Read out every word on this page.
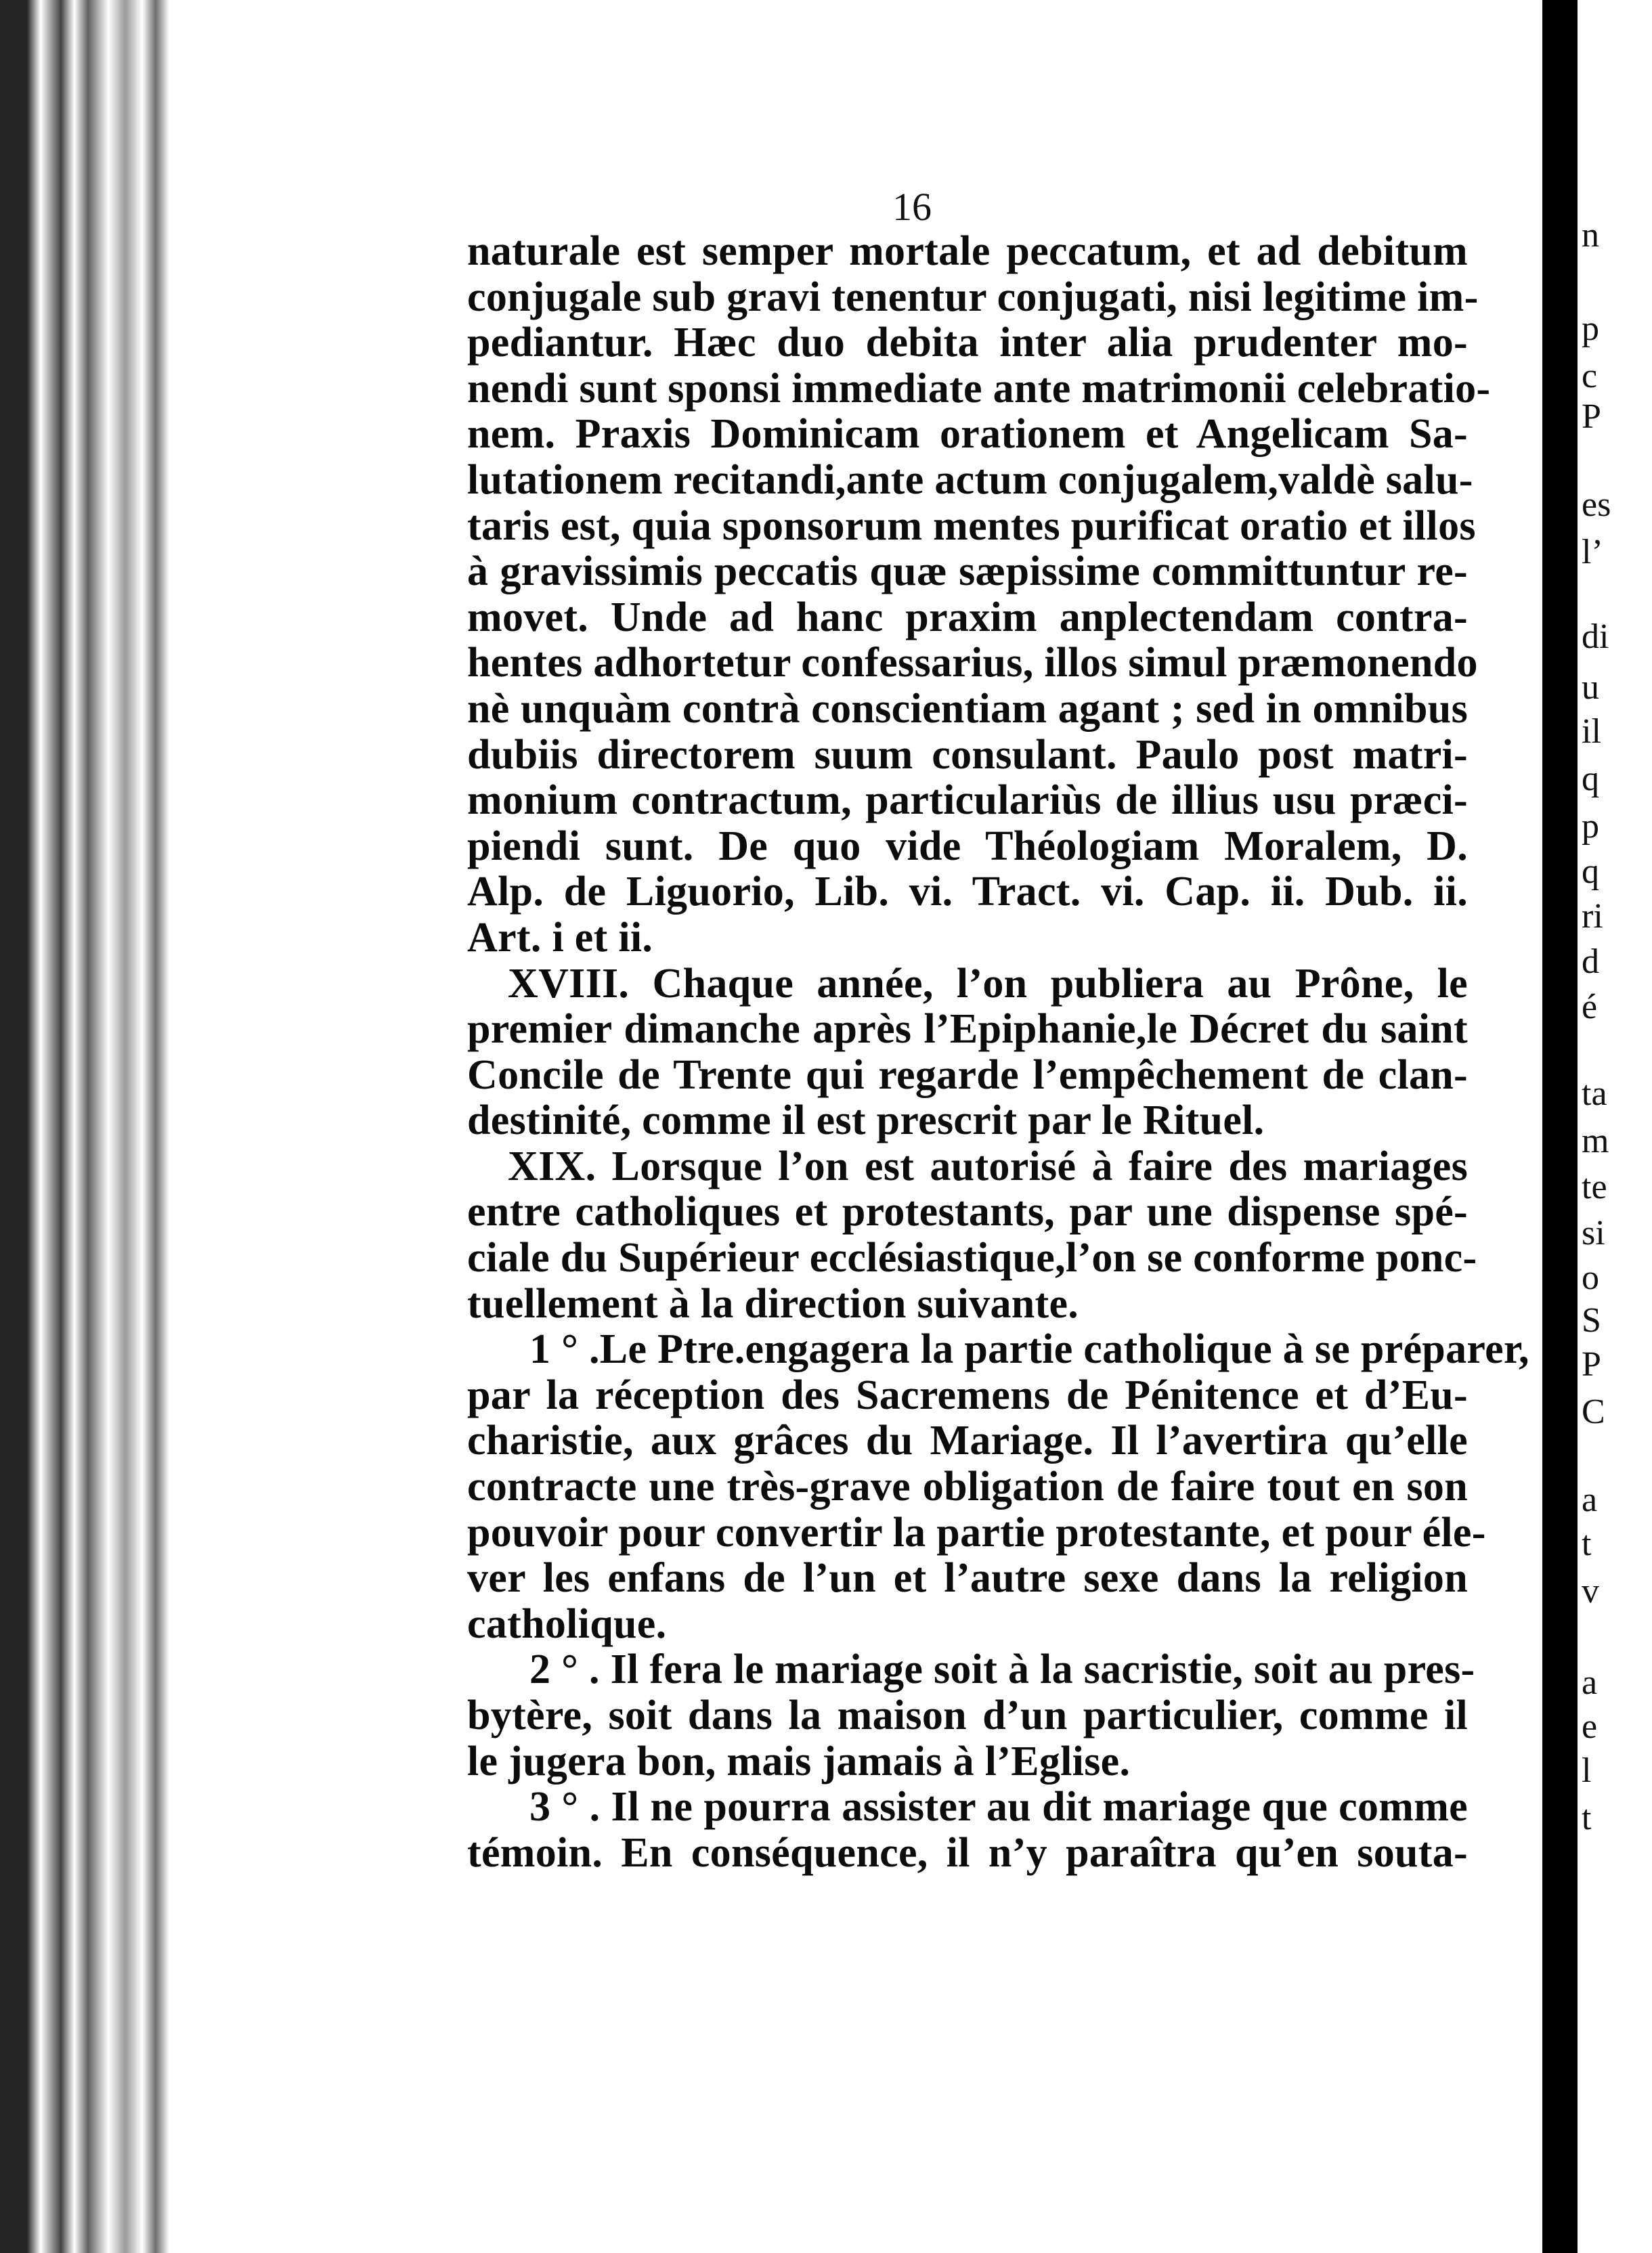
n
p
c
P
es
l’
di
u
il
q
p
q
ri
d
é
ta
m
te
si
o
S
P
C
a
t
v
a
e
l
t
16
naturale est semper mortale peccatum, et ad debitum
conjugale sub gravi tenentur conjugati, nisi legitime im-
pediantur. Hæc duo debita inter alia prudenter mo-
nendi sunt sponsi immediate ante matrimonii celebratio-
nem. Praxis Dominicam orationem et Angelicam Sa-
lutationem recitandi,ante actum conjugalem,valdè salu-
taris est, quia sponsorum mentes purificat oratio et illos
à gravissimis peccatis quæ sæpissime committuntur re-
movet. Unde ad hanc praxim anplectendam contra-
hentes adhortetur confessarius, illos simul præmonendo
nè unquàm contrà conscientiam agant ; sed in omnibus
dubiis directorem suum consulant. Paulo post matri-
monium contractum, particulariùs de illius usu præci-
piendi sunt. De quo vide Théologiam Moralem, D.
Alp. de Liguorio, Lib. vi. Tract. vi. Cap. ii. Dub. ii.
Art. i et ii.
XVIII. Chaque année, l’on publiera au Prône, le
premier dimanche après l’Epiphanie,le Décret du saint
Concile de Trente qui regarde l’empêchement de clan-
destinité, comme il est prescrit par le Rituel.
XIX. Lorsque l’on est autorisé à faire des mariages
entre catholiques et protestants, par une dispense spé-
ciale du Supérieur ecclésiastique,l’on se conforme ponc-
tuellement à la direction suivante.
1 ° .Le Ptre.engagera la partie catholique à se préparer,
par la réception des Sacremens de Pénitence et d’Eu-
charistie, aux grâces du Mariage. Il l’avertira qu’elle
contracte une très-grave obligation de faire tout en son
pouvoir pour convertir la partie protestante, et pour éle-
ver les enfans de l’un et l’autre sexe dans la religion
catholique.
2 ° . Il fera le mariage soit à la sacristie, soit au pres-
bytère, soit dans la maison d’un particulier, comme il
le jugera bon, mais jamais à l’Eglise.
3 ° . Il ne pourra assister au dit mariage que comme
témoin. En conséquence, il n’y paraîtra qu’en souta-
